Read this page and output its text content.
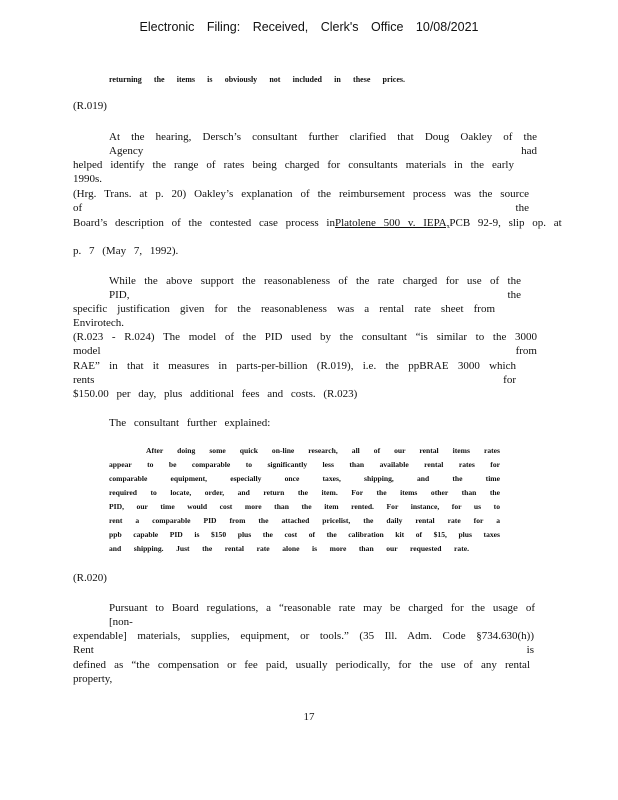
Electronic Filing: Received, Clerk's Office 10/08/2021
returning the items is obviously not included in these prices.
(R.019)
At the hearing, Dersch’s consultant further clarified that Doug Oakley of the Agency had
helped identify the range of rates being charged for consultants materials in the early 1990s.
(Hrg. Trans. at p. 20) Oakley’s explanation of the reimbursement process was the source of the
Board’s description of the contested case process in Platolene 500 v. IEPA, PCB 92-9, slip op. at
p. 7 (May 7, 1992).
While the above support the reasonableness of the rate charged for use of the PID, the
specific justification given for the reasonableness was a rental rate sheet from Envirotech.
(R.023 - R.024) The model of the PID used by the consultant “is similar to the 3000 model from
RAE” in that it measures in parts-per-billion (R.019), i.e. the ppBRAE 3000 which rents for
$150.00 per day, plus additional fees and costs. (R.023)
The consultant further explained:
After doing some quick on-line research, all of our rental items rates
appear to be comparable to significantly less than available rental rates for
comparable equipment, especially once taxes, shipping, and the time
required to locate, order, and return the item. For the items other than the
PID, our time would cost more than the item rented. For instance, for us to
rent a comparable PID from the attached pricelist, the daily rental rate for a
ppb capable PID is $150 plus the cost of the calibration kit of $15, plus taxes
and shipping. Just the rental rate alone is more than our requested rate.
(R.020)
Pursuant to Board regulations, a “reasonable rate may be charged for the usage of [non-
expendable] materials, supplies, equipment, or tools.” (35 Ill. Adm. Code §734.630(h)) Rent is
defined as “the compensation or fee paid, usually periodically, for the use of any rental property,
17
